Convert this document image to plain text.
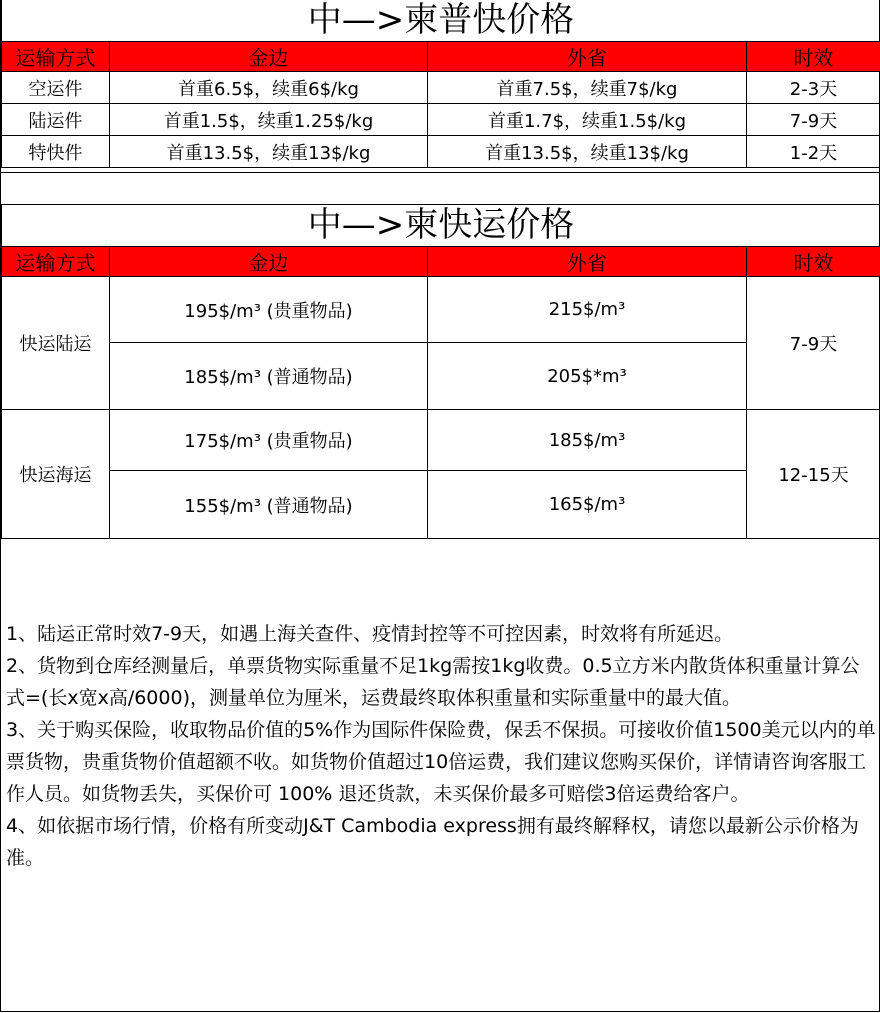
中—>柬普快价格			
运输方式	金边	外省	时效
空运件	首重6.5$，续重6$/kg	首重7.5$，续重7$/kg	2-3天
陆运件	首重1.5$，续重1.25$/kg	首重1.7$，续重1.5$/kg	7-9天
特快件	首重13.5$，续重13$/kg	首重13.5$，续重13$/kg	1-2天
中—>柬快运价格			
运输方式	金边	外省	时效
快运陆运	195$/m³ (贵重物品)	215$/m³	7-9天
	185$/m³ (普通物品)	205$*m³	
快运海运	175$/m³ (贵重物品)	185$/m³	12-15天
	155$/m³ (普通物品)	165$/m³	

1、陆运正常时效7-9天，如遇上海关查件、疫情封控等不可控因素，时效将有所延迟。

2、货物到仓库经测量后，单票货物实际重量不足1kg需按1kg收费。0.5立方米内散货体积重量计算公式=(长x宽x高/6000)，测量单位为厘米，运费最终取体积重量和实际重量中的最大值。

3、关于购买保险，收取物品价值的5%作为国际件保险费，保丢不保损。可接收价值1500美元以内的单票货物，贵重货物价值超额不收。如货物价值超过10倍运费，我们建议您购买保价，详情请咨询客服工作人员。如货物丢失，买保价可 100% 退还货款，未买保价最多可赔偿3倍运费给客户。

4、如依据市场行情，价格有所变动J&T Cambodia express拥有最终解释权，请您以最新公示价格为准。
